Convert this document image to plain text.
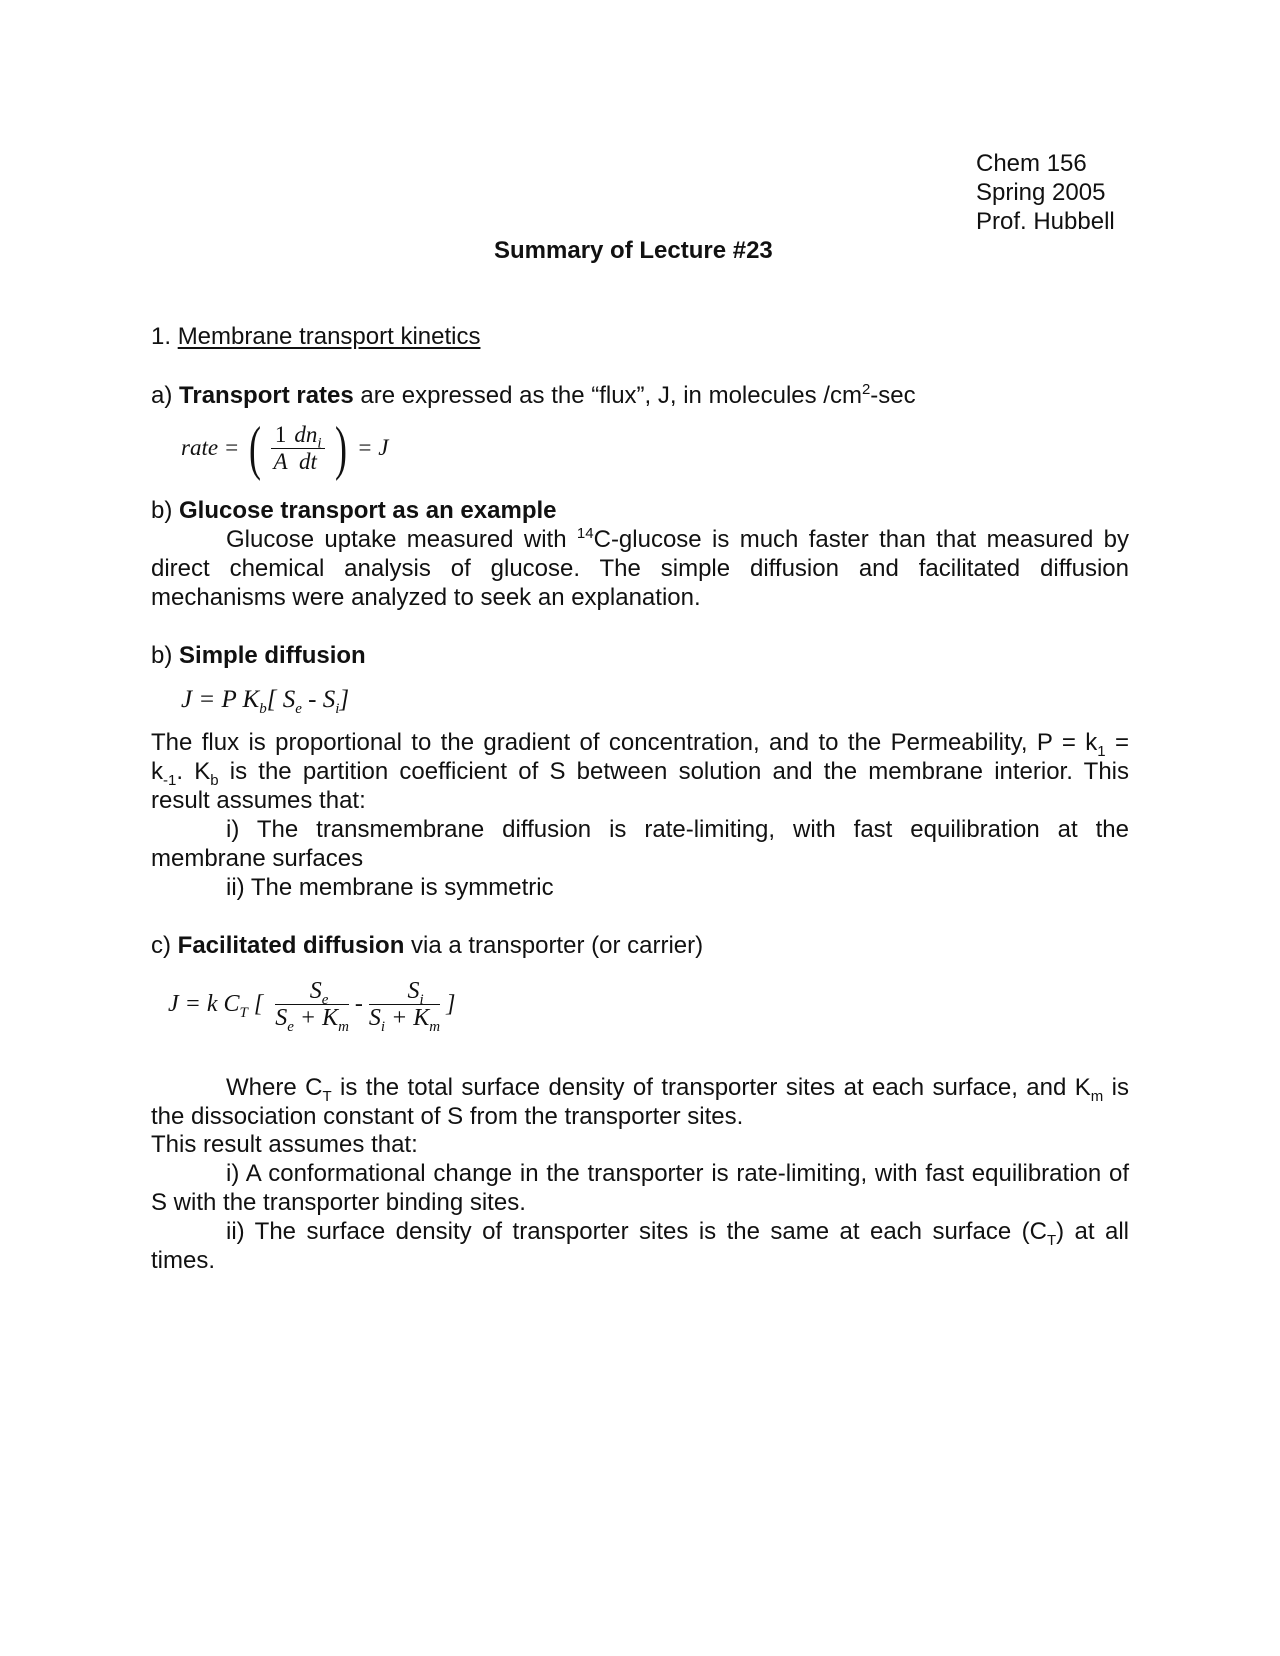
Chem 156
Spring 2005
Prof. Hubbell
Summary of Lecture #23
1. Membrane transport kinetics
a) Transport rates are expressed as the “flux”, J, in molecules $/cm^2-\sec$
rate = ( $\frac{1}{A} \frac{dn_i}{dt}$ ) = J
b) Glucose transport as an example
Glucose uptake measured with $^{14}$C-glucose is much faster than that measured by
direct chemical analysis of glucose. The simple diffusion and facilitated diffusion
mechanisms were analyzed to seek an explanation.
b) Simple diffusion
J = P $K_b$[ $S_e - S_i$]
The flux is proportional to the gradient of concentration, and to the Permeability, $P = k_1$ =
$k_{-1}$. $K_b$ is the partition coefficient of S between solution and the membrane interior. This
result assumes that:
i) The transmembrane diffusion is rate-limiting, with fast equilibration at the
membrane surfaces
ii) The membrane is symmetric
c) Facilitated diffusion via a transporter (or carrier)
J = k $C_T$ [ $\frac{S_e}{S_e + K_m} - \frac{S_i}{S_i + K_m}$ ]
Where $C_T$ is the total surface density of transporter sites at each surface, and $K_m$ is
the dissociation constant of S from the transporter sites.
This result assumes that:
i) A conformational change in the transporter is rate-limiting, with fast equilibration of
S with the transporter binding sites.
ii) The surface density of transporter sites is the same at each surface $(C_T)$ at all
times.
